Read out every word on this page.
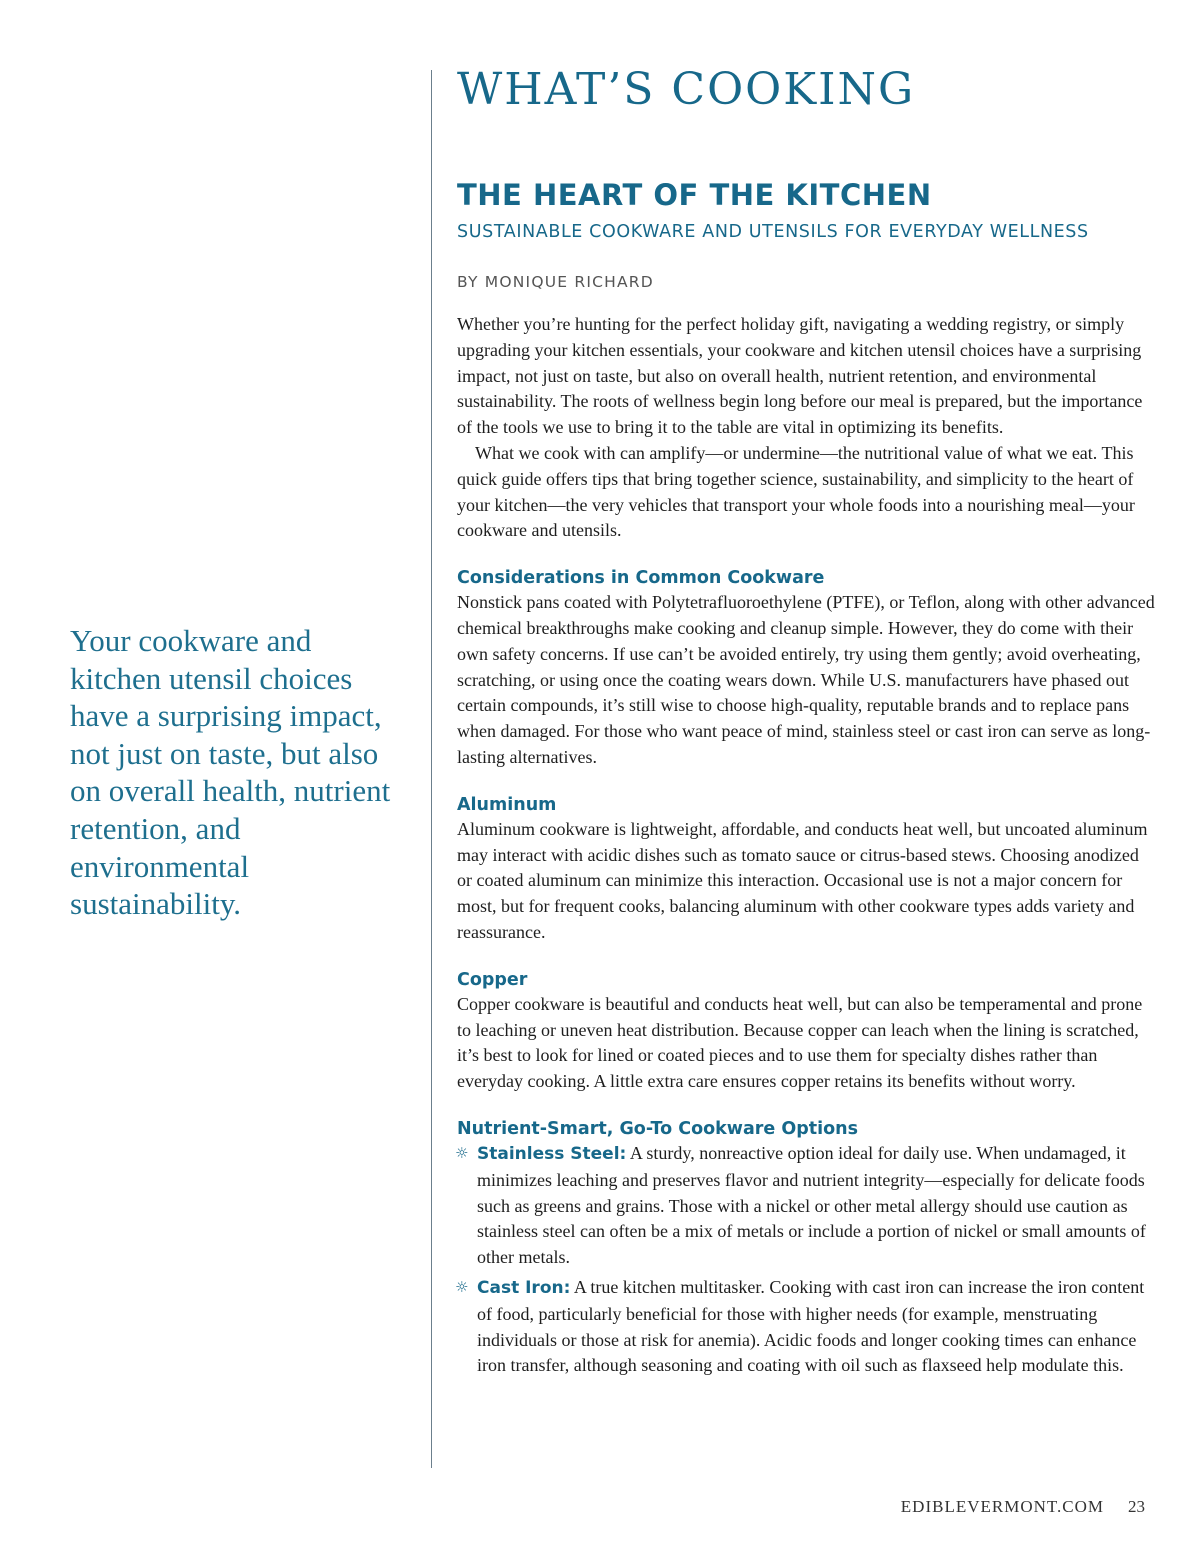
Your cookware and kitchen utensil choices have a surprising impact, not just on taste, but also on overall health, nutrient retention, and environmental sustainability.

WHAT’S COOKING
THE HEART OF THE KITCHEN

SUSTAINABLE COOKWARE AND UTENSILS FOR EVERYDAY WELLNESS

BY MONIQUE RICHARD

Whether you’re hunting for the perfect holiday gift, navigating a wedding registry, or simply upgrading your kitchen essentials, your cookware and kitchen utensil choices have a surprising impact, not just on taste, but also on overall health, nutrient retention, and environmental sustainability. The roots of wellness begin long before our meal is prepared, but the importance of the tools we use to bring it to the table are vital in optimizing its benefits.

What we cook with can amplify—or undermine—the nutritional value of what we eat. This quick guide offers tips that bring together science, sustainability, and simplicity to the heart of your kitchen—the very vehicles that transport your whole foods into a nourishing meal—your cookware and utensils.

Considerations in Common Cookware

Nonstick pans coated with Polytetrafluoroethylene (PTFE), or Teflon, along with other advanced chemical breakthroughs make cooking and cleanup simple. However, they do come with their own safety concerns. If use can’t be avoided entirely, try using them gently; avoid overheating, scratching, or using once the coating wears down. While U.S. manufacturers have phased out certain compounds, it’s still wise to choose high-quality, reputable brands and to replace pans when damaged. For those who want peace of mind, stainless steel or cast iron can serve as long-lasting alternatives.

Aluminum

Aluminum cookware is lightweight, affordable, and conducts heat well, but uncoated aluminum may interact with acidic dishes such as tomato sauce or citrus-based stews. Choosing anodized or coated aluminum can minimize this interaction. Occasional use is not a major concern for most, but for frequent cooks, balancing aluminum with other cookware types adds variety and reassurance.

Copper

Copper cookware is beautiful and conducts heat well, but can also be temperamental and prone to leaching or uneven heat distribution. Because copper can leach when the lining is scratched, it’s best to look for lined or coated pieces and to use them for specialty dishes rather than everyday cooking. A little extra care ensures copper retains its benefits without worry.

Nutrient-Smart, Go-To Cookware Options
☼ Stainless Steel: A sturdy, nonreactive option ideal for daily use. When undamaged, it minimizes leaching and preserves flavor and nutrient integrity—especially for delicate foods such as greens and grains. Those with a nickel or other metal allergy should use caution as stainless steel can often be a mix of metals or include a portion of nickel or small amounts of other metals.
☼ Cast Iron: A true kitchen multitasker. Cooking with cast iron can increase the iron content of food, particularly beneficial for those with higher needs (for example, menstruating individuals or those at risk for anemia). Acidic foods and longer cooking times can enhance iron transfer, although seasoning and coating with oil such as flaxseed help modulate this.
EDIBLEVERMONT.COM 23
